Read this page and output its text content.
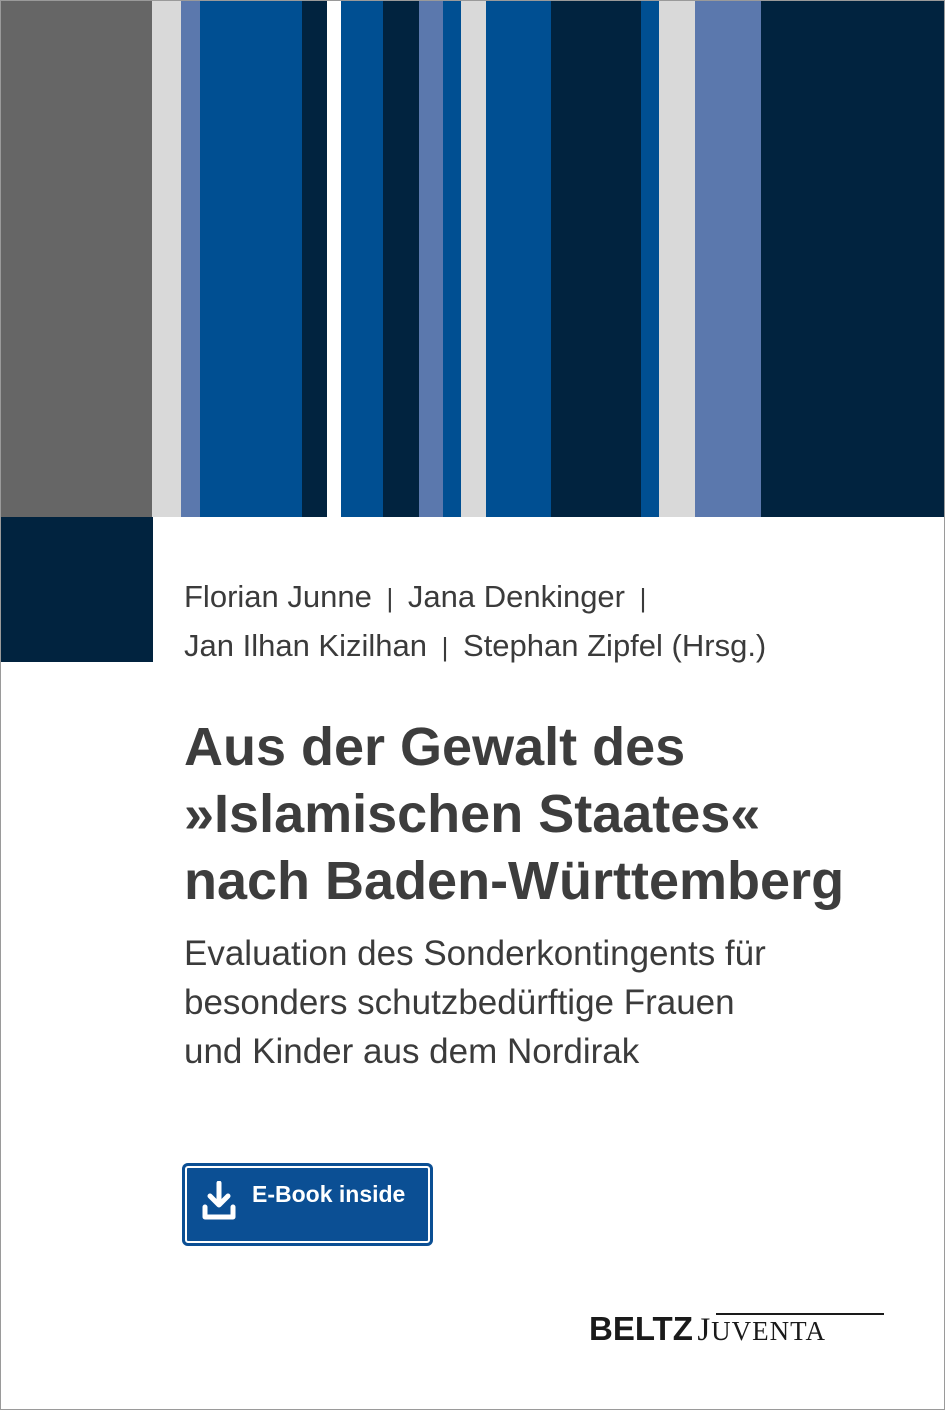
Florian Junne | Jana Denkinger |
Jan Ilhan Kizilhan | Stephan Zipfel (Hrsg.)
Aus der Gewalt des
»Islamischen Staates«
nach Baden-Württemberg
Evaluation des Sonderkontingents für
besonders schutzbedürftige Frauen
und Kinder aus dem Nordirak
E-Book inside
BELTZ JUVENTA
